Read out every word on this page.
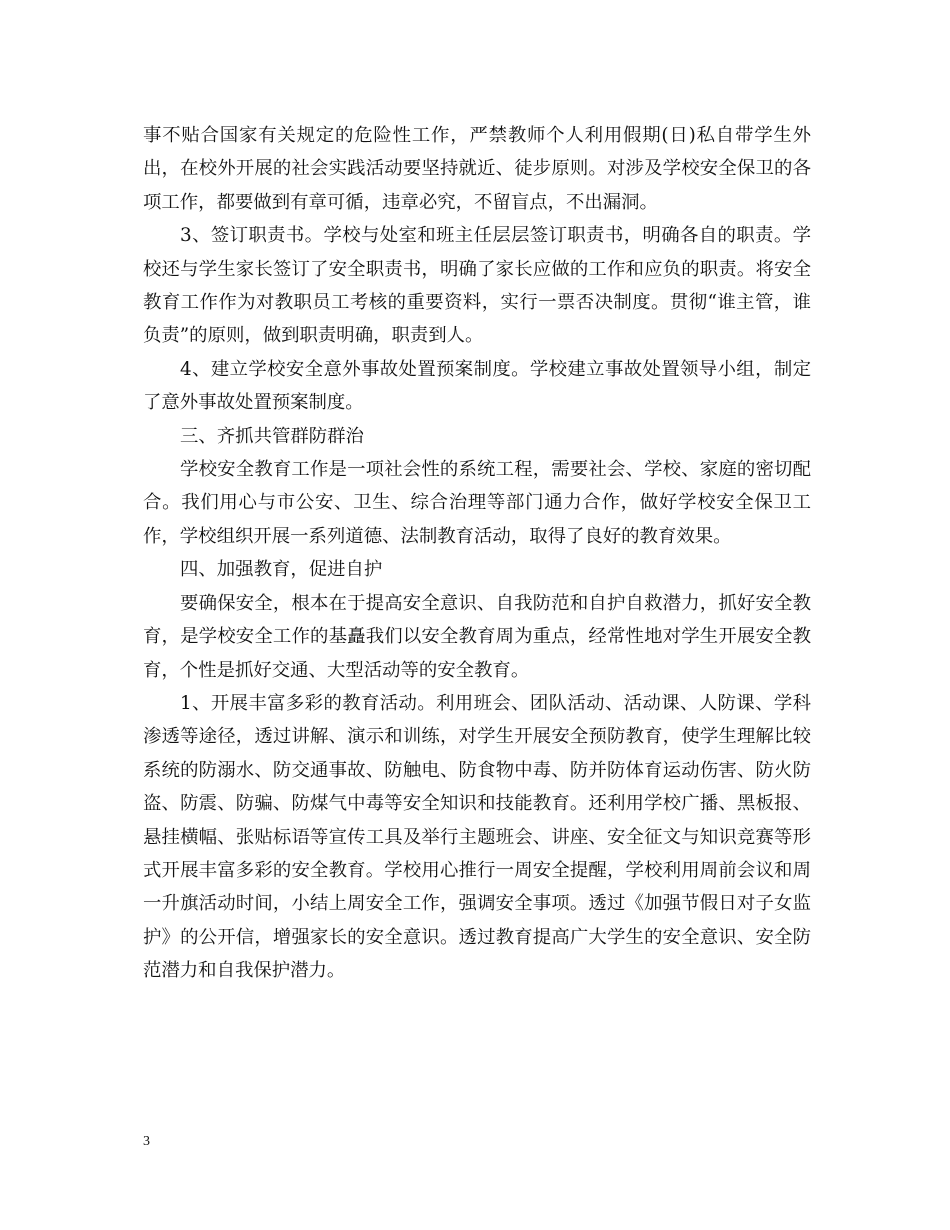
事不贴合国家有关规定的危险性工作，严禁教师个人利用假期(日)私自带学生外出，在校外开展的社会实践活动要坚持就近、徒步原则。对涉及学校安全保卫的各项工作，都要做到有章可循，违章必究，不留盲点，不出漏洞。

3、签订职责书。学校与处室和班主任层层签订职责书，明确各自的职责。学校还与学生家长签订了安全职责书，明确了家长应做的工作和应负的职责。将安全教育工作作为对教职员工考核的重要资料，实行一票否决制度。贯彻“谁主管，谁负责”的原则，做到职责明确，职责到人。

4、建立学校安全意外事故处置预案制度。学校建立事故处置领导小组，制定了意外事故处置预案制度。

三、齐抓共管群防群治

学校安全教育工作是一项社会性的系统工程，需要社会、学校、家庭的密切配合。我们用心与市公安、卫生、综合治理等部门通力合作，做好学校安全保卫工作，学校组织开展一系列道德、法制教育活动，取得了良好的教育效果。

四、加强教育，促进自护

要确保安全，根本在于提高安全意识、自我防范和自护自救潜力，抓好安全教育，是学校安全工作的基矗我们以安全教育周为重点，经常性地对学生开展安全教育，个性是抓好交通、大型活动等的安全教育。

1、开展丰富多彩的教育活动。利用班会、团队活动、活动课、人防课、学科渗透等途径，透过讲解、演示和训练，对学生开展安全预防教育，使学生理解比较系统的防溺水、防交通事故、防触电、防食物中毒、防并防体育运动伤害、防火防盗、防震、防骗、防煤气中毒等安全知识和技能教育。还利用学校广播、黑板报、悬挂横幅、张贴标语等宣传工具及举行主题班会、讲座、安全征文与知识竞赛等形式开展丰富多彩的安全教育。学校用心推行一周安全提醒，学校利用周前会议和周一升旗活动时间，小结上周安全工作，强调安全事项。透过《加强节假日对子女监护》的公开信，增强家长的安全意识。透过教育提高广大学生的安全意识、安全防范潜力和自我保护潜力。

3
